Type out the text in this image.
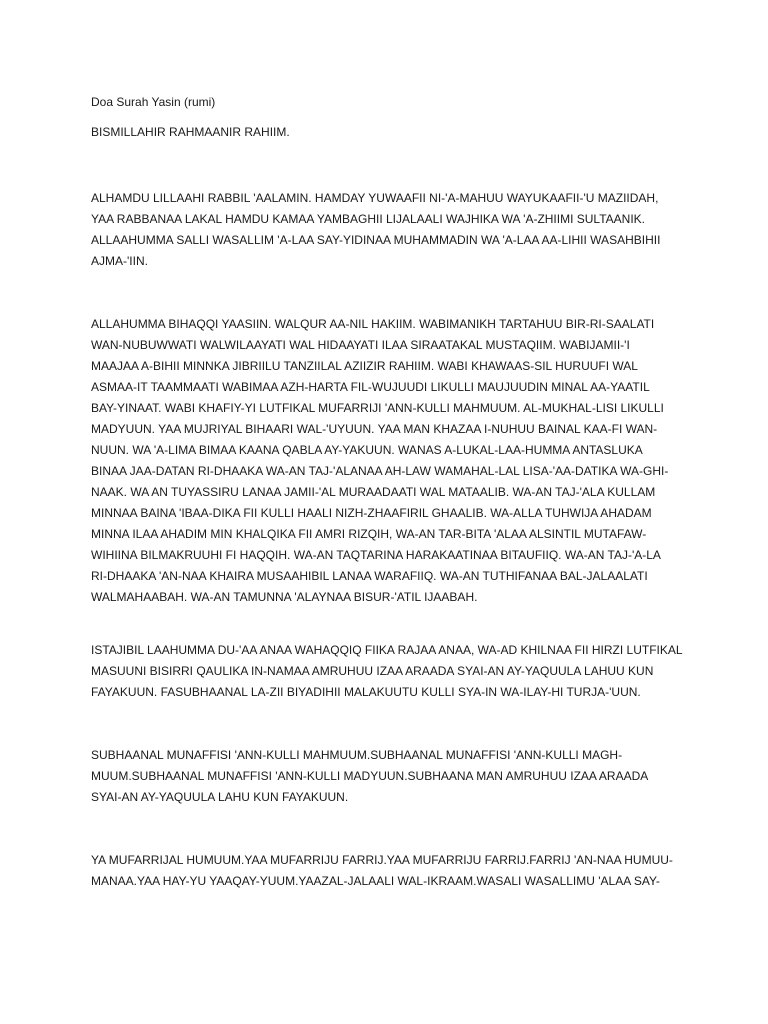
Doa Surah Yasin (rumi)
BISMILLAHIR RAHMAANIR RAHIIM.
ALHAMDU LILLAAHI RABBIL 'AALAMIN. HAMDAY YUWAAFII NI-'A-MAHUU WAYUKAAFII-'U MAZIIDAH,
YAA RABBANAA LAKAL HAMDU KAMAA YAMBAGHII LIJALAALI WAJHIKA WA 'A-ZHIIMI SULTAANIK.
ALLAAHUMMA SALLI WASALLIM 'A-LAA SAY-YIDINAA MUHAMMADIN WA 'A-LAA AA-LIHII WASAHBIHII
AJMA-'IIN.
ALLAHUMMA BIHAQQI YAASIIN. WALQUR AA-NIL HAKIIM. WABIMANIKH TARTAHUU BIR-RI-SAALATI
WAN-NUBUWWATI WALWILAAYATI WAL HIDAAYATI ILAA SIRAATAKAL MUSTAQIIM. WABIJAMII-'I
MAAJAA A-BIHII MINNKA JIBRIILU TANZIILAL AZIIZIR RAHIIM. WABI KHAWAAS-SIL HURUUFI WAL
ASMAA-IT TAAMMAATI WABIMAA AZH-HARTA FIL-WUJUUDI LIKULLI MAUJUUDIN MINAL AA-YAATIL
BAY-YINAAT. WABI KHAFIY-YI LUTFIKAL MUFARRIJI 'ANN-KULLI MAHMUUM. AL-MUKHAL-LISI LIKULLI
MADYUUN. YAA MUJRIYAL BIHAARI WAL-'UYUUN. YAA MAN KHAZAA I-NUHUU BAINAL KAA-FI WAN-
NUUN. WA 'A-LIMA BIMAA KAANA QABLA AY-YAKUUN. WANAS A-LUKAL-LAA-HUMMA ANTASLUKA
BINAA JAA-DATAN RI-DHAAKA WA-AN TAJ-'ALANAA AH-LAW WAMAHAL-LAL LISA-'AA-DATIKA WA-GHI-
NAAK. WA AN TUYASSIRU LANAA JAMII-'AL MURAADAATI WAL MATAALIB. WA-AN TAJ-'ALA KULLAM
MINNAA BAINA 'IBAA-DIKA FII KULLI HAALI NIZH-ZHAAFIRIL GHAALIB. WA-ALLA TUHWIJA AHADAM
MINNA ILAA AHADIM MIN KHALQIKA FII AMRI RIZQIH, WA-AN TAR-BITA 'ALAA ALSINTIL MUTAFAW-
WIHIINA BILMAKRUUHI FI HAQQIH. WA-AN TAQTARINA HARAKAATINAA BITAUFIIQ. WA-AN TAJ-'A-LA
RI-DHAAKA 'AN-NAA KHAIRA MUSAAHIBIL LANAA WARAFIIQ. WA-AN TUTHIFANAA BAL-JALAALATI
WALMAHAABAH. WA-AN TAMUNNA 'ALAYNAA BISUR-'ATIL IJAABAH.
ISTAJIBIL LAAHUMMA DU-'AA ANAA WAHAQQIQ FIIKA RAJAA ANAA, WA-AD KHILNAA FII HIRZI LUTFIKAL
MASUUNI BISIRRI QAULIKA IN-NAMAA AMRUHUU IZAA ARAADA SYAI-AN AY-YAQUULA LAHUU KUN
FAYAKUUN. FASUBHAANAL LA-ZII BIYADIHII MALAKUUTU KULLI SYA-IN WA-ILAY-HI TURJA-'UUN.
SUBHAANAL MUNAFFISI 'ANN-KULLI MAHMUUM.SUBHAANAL MUNAFFISI 'ANN-KULLI MAGH-
MUUM.SUBHAANAL MUNAFFISI 'ANN-KULLI MADYUUN.SUBHAANA MAN AMRUHUU IZAA ARAADA
SYAI-AN AY-YAQUULA LAHU KUN FAYAKUUN.
YA MUFARRIJAL HUMUUM.YAA MUFARRIJU FARRIJ.YAA MUFARRIJU FARRIJ.FARRIJ 'AN-NAA HUMUU-
MANAA.YAA HAY-YU YAAQAY-YUUM.YAAZAL-JALAALI WAL-IKRAAM.WASALI WASALLIMU 'ALAA SAY-
